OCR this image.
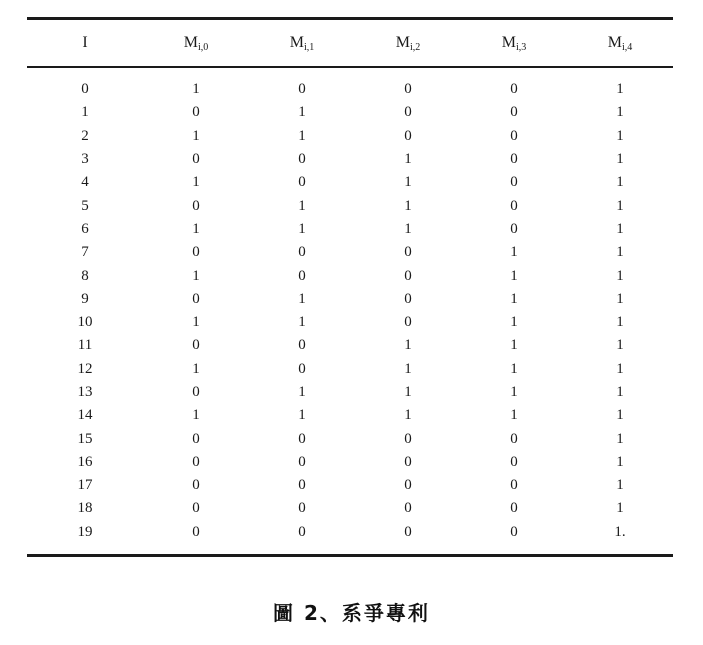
I	$M_{i,0}$	$M_{i,1}$	$M_{i,2}$	$M_{i,3}$	$M_{i,4}$
0	1	0	0	0	1
1	0	1	0	0	1
2	1	1	0	0	1
3	0	0	1	0	1
4	1	0	1	0	1
5	0	1	1	0	1
6	1	1	1	0	1
7	0	0	0	1	1
8	1	0	0	1	1
9	0	1	0	1	1
10	1	1	0	1	1
11	0	0	1	1	1
12	1	0	1	1	1
13	0	1	1	1	1
14	1	1	1	1	1
15	0	0	0	0	1
16	0	0	0	0	1
17	0	0	0	0	1
18	0	0	0	0	1
19	0	0	0	0	1.
圖 2、系爭專利
